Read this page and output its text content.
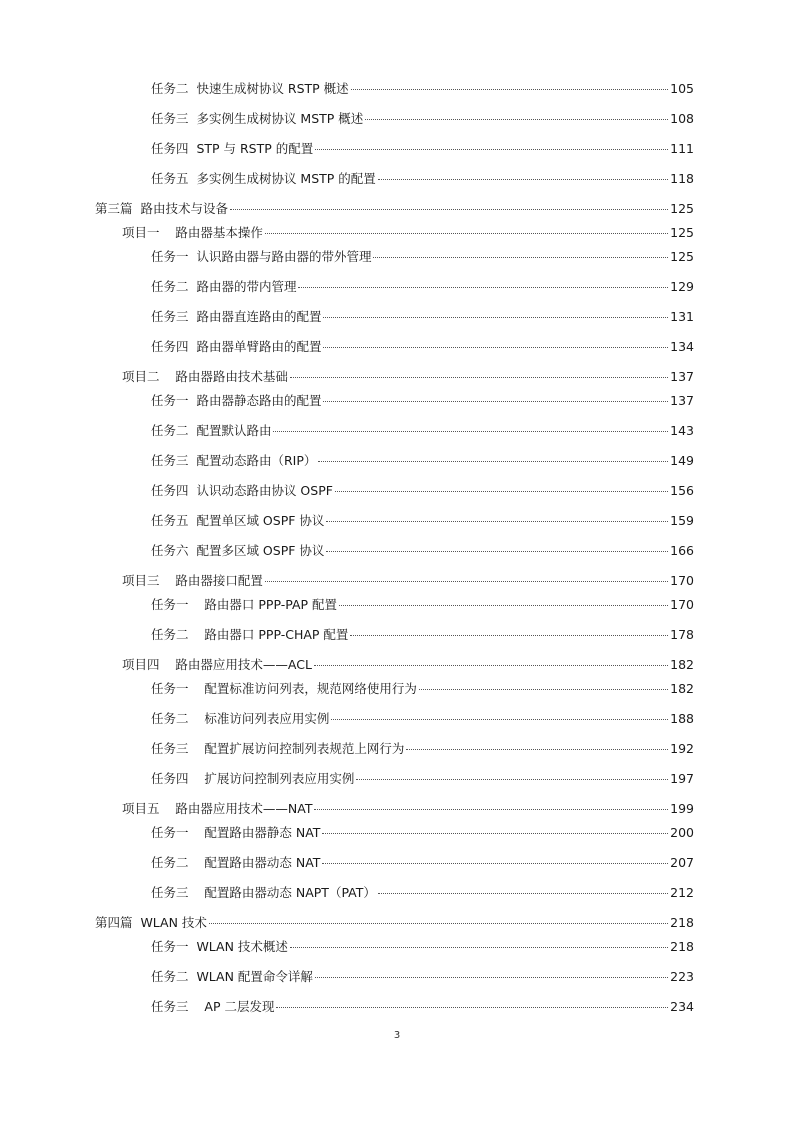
任务二  快速生成树协议 RSTP 概述	105
任务三  多实例生成树协议 MSTP 概述	108
任务四  STP 与 RSTP 的配置	111
任务五  多实例生成树协议 MSTP 的配置	118
第三篇  路由技术与设备	125
项目一    路由器基本操作	125
任务一  认识路由器与路由器的带外管理	125
任务二  路由器的带内管理	129
任务三  路由器直连路由的配置	131
任务四  路由器单臂路由的配置	134
项目二    路由器路由技术基础	137
任务一  路由器静态路由的配置	137
任务二  配置默认路由	143
任务三  配置动态路由（RIP）	149
任务四  认识动态路由协议 OSPF	156
任务五  配置单区域 OSPF 协议	159
任务六  配置多区域 OSPF 协议	166
项目三    路由器接口配置	170
任务一    路由器口 PPP-PAP 配置	170
任务二    路由器口 PPP-CHAP 配置	178
项目四    路由器应用技术——ACL	182
任务一    配置标准访问列表，规范网络使用行为	182
任务二    标准访问列表应用实例	188
任务三    配置扩展访问控制列表规范上网行为	192
任务四    扩展访问控制列表应用实例	197
项目五    路由器应用技术——NAT	199
任务一    配置路由器静态 NAT	200
任务二    配置路由器动态 NAT	207
任务三    配置路由器动态 NAPT（PAT）	212
第四篇  WLAN 技术	218
任务一  WLAN 技术概述	218
任务二  WLAN 配置命令详解	223
任务三    AP 二层发现	234
3
